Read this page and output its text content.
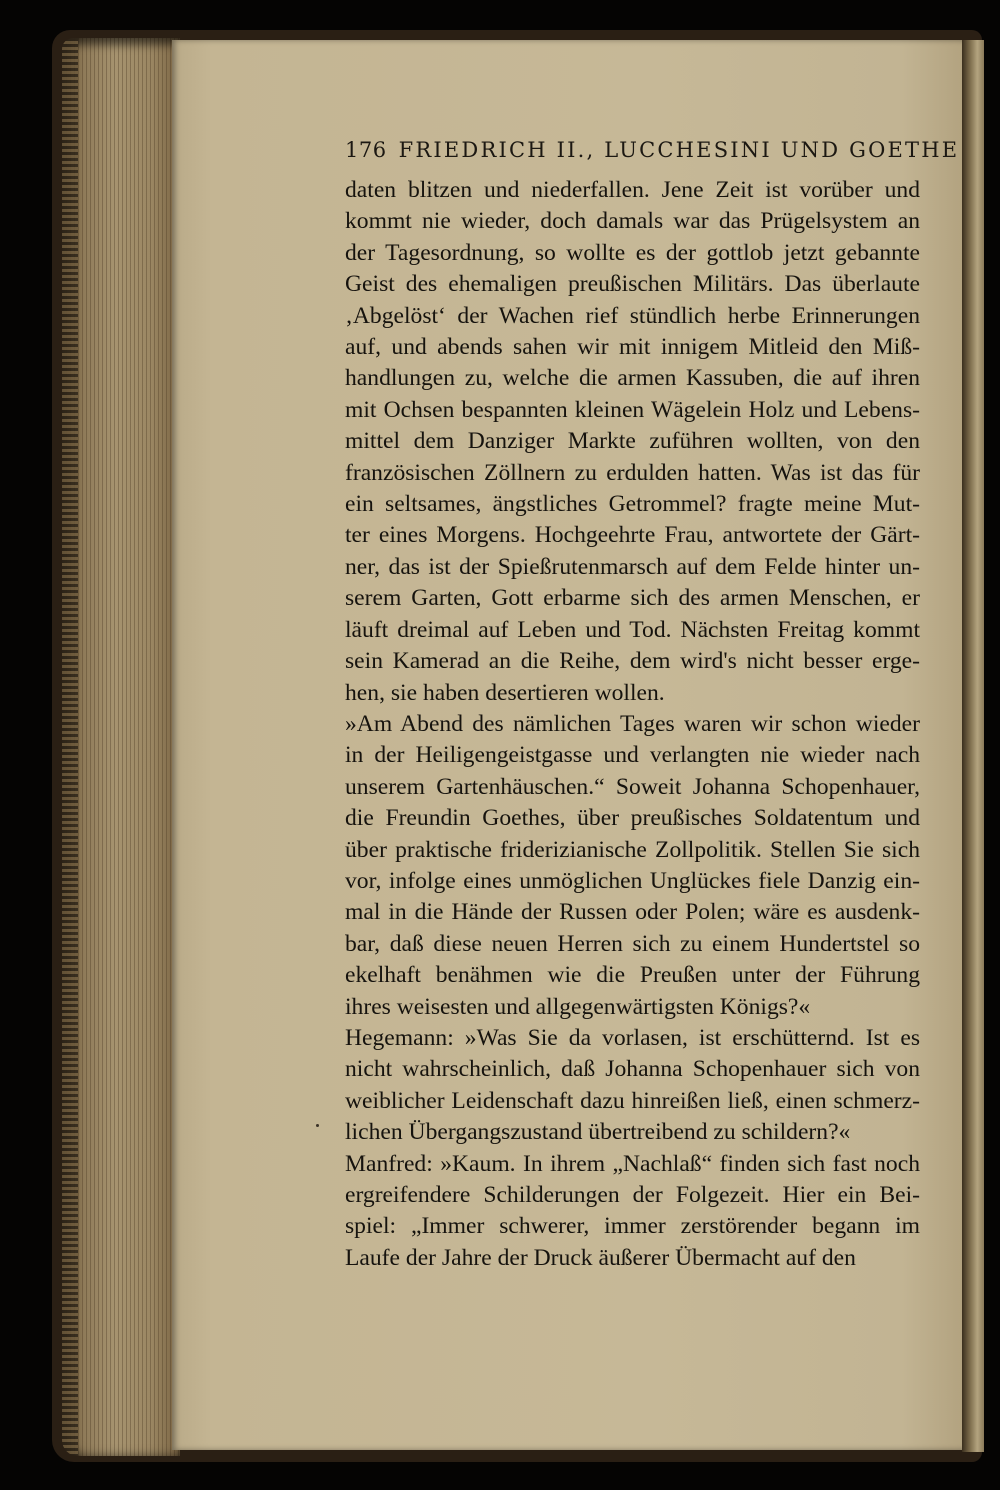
176 FRIEDRICH II., LUCCHESINI UND GOETHE
daten blitzen und niederfallen. Jene Zeit ist vorüber und
kommt nie wieder, doch damals war das Prügelsystem an
der Tagesordnung, so wollte es der gottlob jetzt gebannte
Geist des ehemaligen preußischen Militärs. Das überlaute
‚Abgelöst‘ der Wachen rief stündlich herbe Erinnerungen
auf, und abends sahen wir mit innigem Mitleid den Miß-
handlungen zu, welche die armen Kassuben, die auf ihren
mit Ochsen bespannten kleinen Wägelein Holz und Lebens-
mittel dem Danziger Markte zuführen wollten, von den
französischen Zöllnern zu erdulden hatten. Was ist das für
ein seltsames, ängstliches Getrommel? fragte meine Mut-
ter eines Morgens. Hochgeehrte Frau, antwortete der Gärt-
ner, das ist der Spießrutenmarsch auf dem Felde hinter un-
serem Garten, Gott erbarme sich des armen Menschen, er
läuft dreimal auf Leben und Tod. Nächsten Freitag kommt
sein Kamerad an die Reihe, dem wird's nicht besser erge-
hen, sie haben desertieren wollen.
»Am Abend des nämlichen Tages waren wir schon wieder
in der Heiligengeistgasse und verlangten nie wieder nach
unserem Gartenhäuschen.“ Soweit Johanna Schopenhauer,
die Freundin Goethes, über preußisches Soldatentum und
über praktische friderizianische Zollpolitik. Stellen Sie sich
vor, infolge eines unmöglichen Unglückes fiele Danzig ein-
mal in die Hände der Russen oder Polen; wäre es ausdenk-
bar, daß diese neuen Herren sich zu einem Hundertstel so
ekelhaft benähmen wie die Preußen unter der Führung
ihres weisesten und allgegenwärtigsten Königs?«
Hegemann: »Was Sie da vorlasen, ist erschütternd. Ist es
nicht wahrscheinlich, daß Johanna Schopenhauer sich von
weiblicher Leidenschaft dazu hinreißen ließ, einen schmerz-
lichen Übergangszustand übertreibend zu schildern?«
Manfred: »Kaum. In ihrem „Nachlaß“ finden sich fast noch
ergreifendere Schilderungen der Folgezeit. Hier ein Bei-
spiel: „Immer schwerer, immer zerstörender begann im
Laufe der Jahre der Druck äußerer Übermacht auf den
